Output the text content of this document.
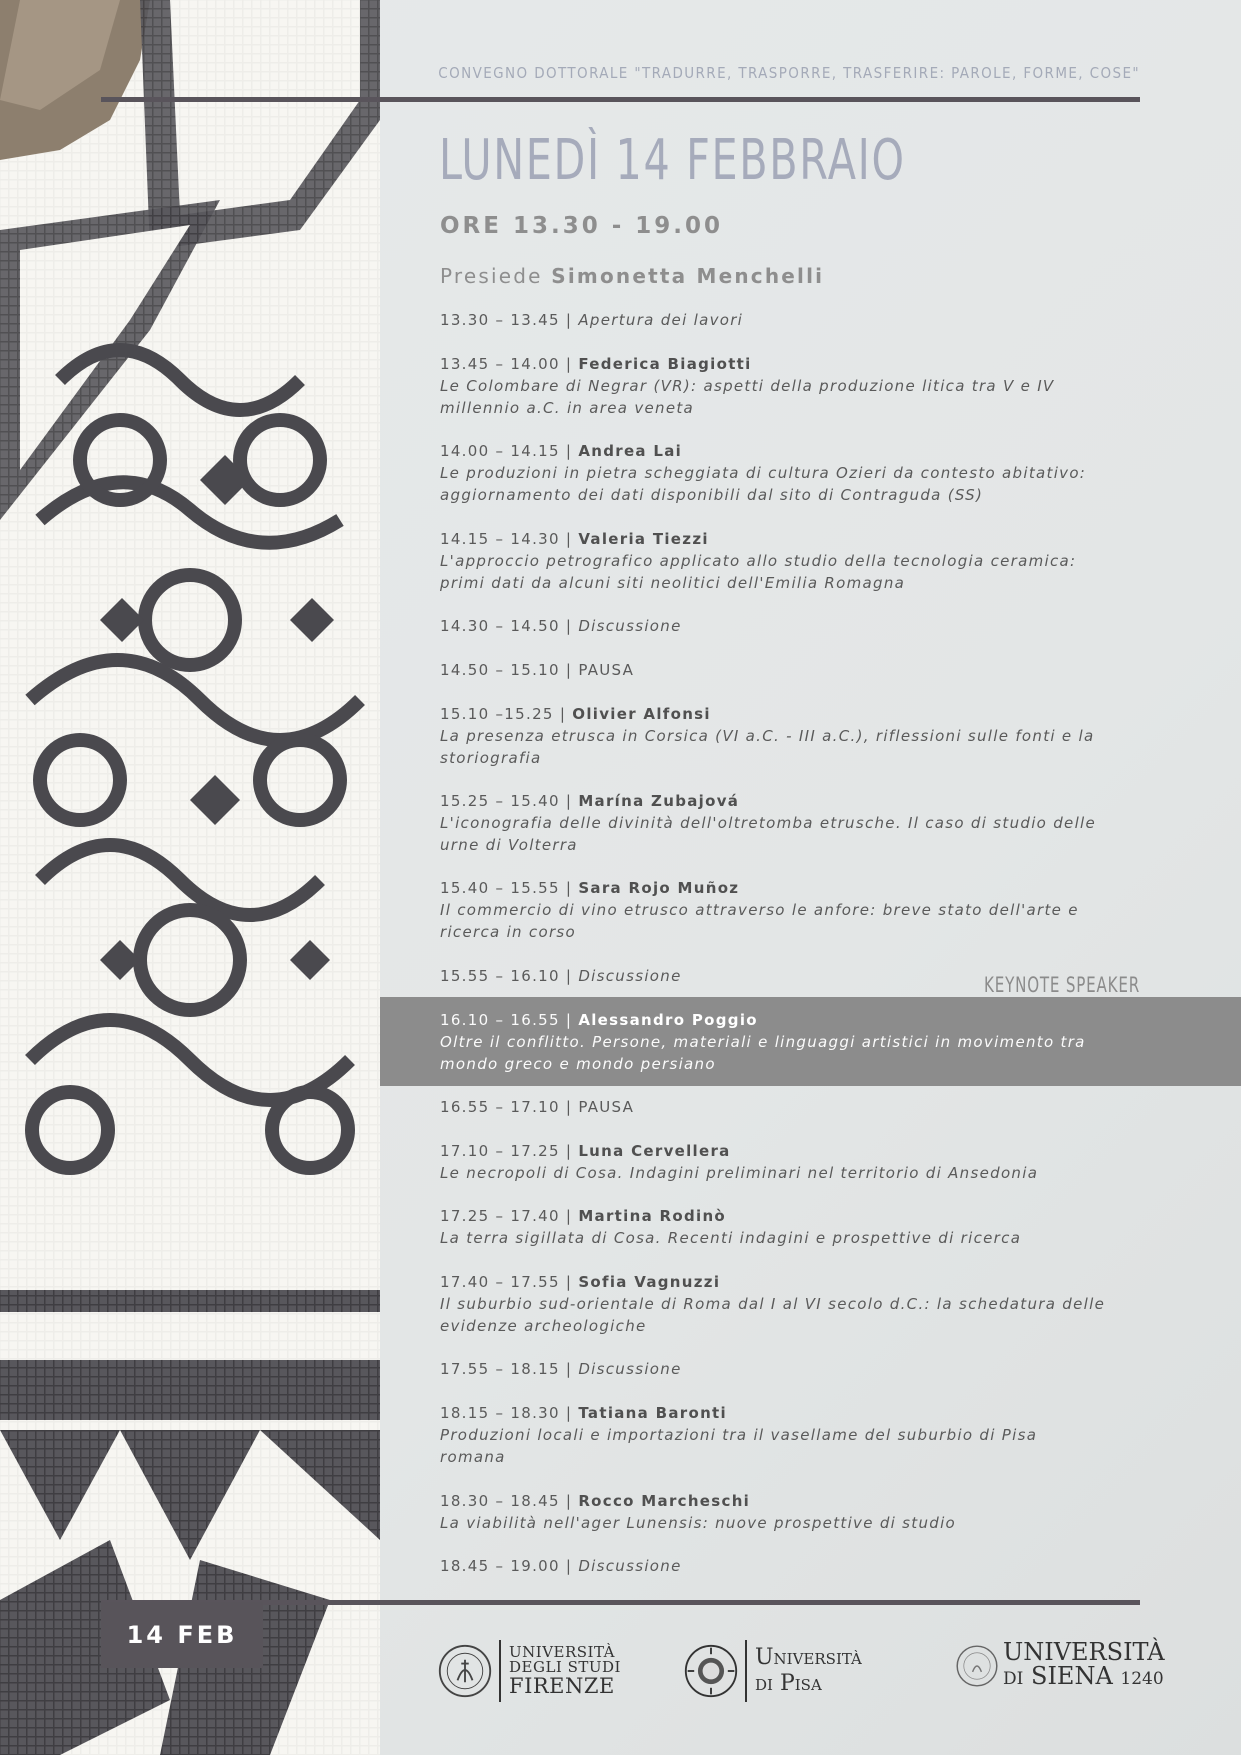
CONVEGNO DOTTORALE "TRADURRE, TRASPORRE, TRASFERIRE: PAROLE, FORME, COSE"
LUNEDÌ 14 FEBBRAIO
ORE 13.30 - 19.00
Presiede Simonetta Menchelli
KEYNOTE SPEAKER
13.30 – 13.45 | Apertura dei lavori
13.45 – 14.00 | Federica Biagiotti
Le Colombare di Negrar (VR): aspetti della produzione litica tra V e IV
millennio a.C. in area veneta
14.00 – 14.15 | Andrea Lai
Le produzioni in pietra scheggiata di cultura Ozieri da contesto abitativo:
aggiornamento dei dati disponibili dal sito di Contraguda (SS)
14.15 – 14.30 | Valeria Tiezzi
L'approccio petrografico applicato allo studio della tecnologia ceramica:
primi dati da alcuni siti neolitici dell'Emilia Romagna
14.30 – 14.50 | Discussione
14.50 – 15.10 | PAUSA
15.10 –15.25 | Olivier Alfonsi
La presenza etrusca in Corsica (VI a.C. - III a.C.), riflessioni sulle fonti e la
storiografia
15.25 – 15.40 | Marína Zubajová
L'iconografia delle divinità dell'oltretomba etrusche. Il caso di studio delle
urne di Volterra
15.40 – 15.55 | Sara Rojo Muñoz
Il commercio di vino etrusco attraverso le anfore: breve stato dell'arte e
ricerca in corso
15.55 – 16.10 | Discussione
16.10 – 16.55 | Alessandro Poggio
Oltre il conflitto. Persone, materiali e linguaggi artistici in movimento tra
mondo greco e mondo persiano
16.55 – 17.10 | PAUSA
17.10 – 17.25 | Luna Cervellera
Le necropoli di Cosa. Indagini preliminari nel territorio di Ansedonia
17.25 – 17.40 | Martina Rodinò
La terra sigillata di Cosa. Recenti indagini e prospettive di ricerca
17.40 – 17.55 | Sofia Vagnuzzi
Il suburbio sud-orientale di Roma dal I al VI secolo d.C.: la schedatura delle
evidenze archeologiche
17.55 – 18.15 | Discussione
18.15 – 18.30 | Tatiana Baronti
Produzioni locali e importazioni tra il vasellame del suburbio di Pisa
romana
18.30 – 18.45 | Rocco Marcheschi
La viabilità nell'ager Lunensis: nuove prospettive di studio
18.45 – 19.00 | Discussione
14 FEB
UNIVERSITÀ
DEGLI STUDI
FIRENZE
Università
di Pisa
UNIVERSITÀ
DI SIENA 1240
